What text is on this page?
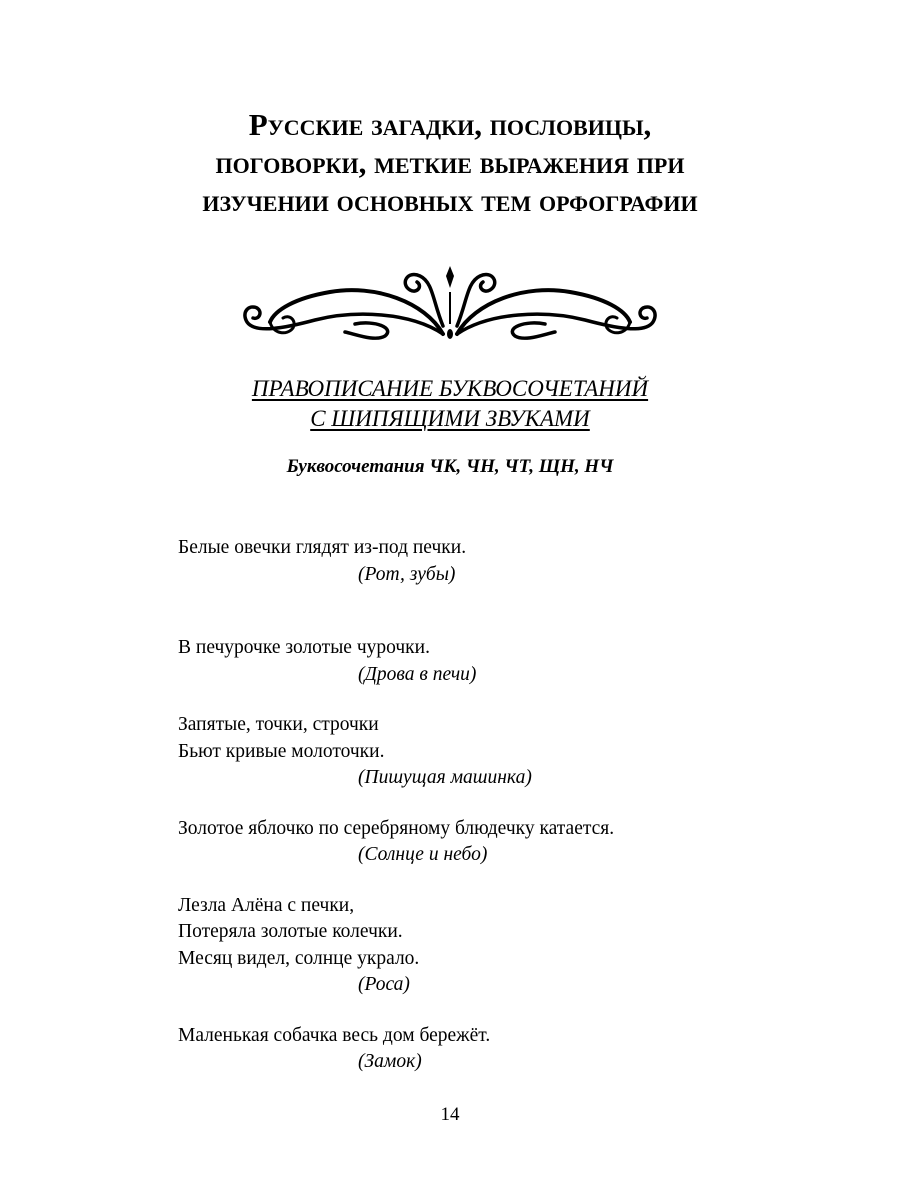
Русские загадки, пословицы,
поговорки, меткие выражения при
изучении основных тем орфографии
ПРАВОПИСАНИЕ БУКВОСОЧЕТАНИЙ
С ШИПЯЩИМИ ЗВУКАМИ
Буквосочетания ЧК, ЧН, ЧТ, ЩН, НЧ
Белые овечки глядят из-под печки.
(Рот, зубы)
В печурочке золотые чурочки.
(Дрова в печи)
Запятые, точки, строчки
Бьют кривые молоточки.
(Пишущая машинка)
Золотое яблочко по серебряному блюдечку катается.
(Солнце и небо)
Лезла Алёна с печки,
Потеряла золотые колечки.
Месяц видел, солнце украло.
(Роса)
Маленькая собачка весь дом бережёт.
(Замок)
14
